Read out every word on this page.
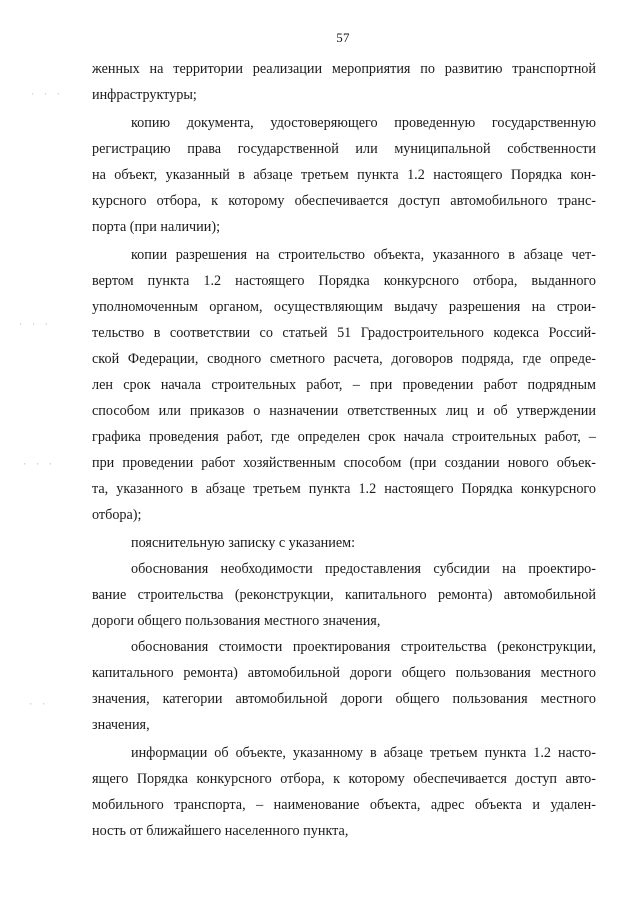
57
· · ·
· · ·
· · ·
· ·
женных на территории реализации мероприятия по развитию транспортной
инфраструктуры;
копию документа, удостоверяющего проведенную государственную
регистрацию права государственной или муниципальной собственности
на объект, указанный в абзаце третьем пункта 1.2 настоящего Порядка кон-
курсного отбора, к которому обеспечивается доступ автомобильного транс-
порта (при наличии);
копии разрешения на строительство объекта, указанного в абзаце чет-
вертом пункта 1.2 настоящего Порядка конкурсного отбора, выданного
уполномоченным органом, осуществляющим выдачу разрешения на строи-
тельство в соответствии со статьей 51 Градостроительного кодекса Россий-
ской Федерации, сводного сметного расчета, договоров подряда, где опреде-
лен срок начала строительных работ, – при проведении работ подрядным
способом или приказов о назначении ответственных лиц и об утверждении
графика проведения работ, где определен срок начала строительных работ, –
при проведении работ хозяйственным способом (при создании нового объек-
та, указанного в абзаце третьем пункта 1.2 настоящего Порядка конкурсного
отбора);
пояснительную записку с указанием:
обоснования необходимости предоставления субсидии на проектиро-
вание строительства (реконструкции, капитального ремонта) автомобильной
дороги общего пользования местного значения,
обоснования стоимости проектирования строительства (реконструкции,
капитального ремонта) автомобильной дороги общего пользования местного
значения, категории автомобильной дороги общего пользования местного
значения,
информации об объекте, указанному в абзаце третьем пункта 1.2 насто-
ящего Порядка конкурсного отбора, к которому обеспечивается доступ авто-
мобильного транспорта, – наименование объекта, адрес объекта и удален-
ность от ближайшего населенного пункта,
